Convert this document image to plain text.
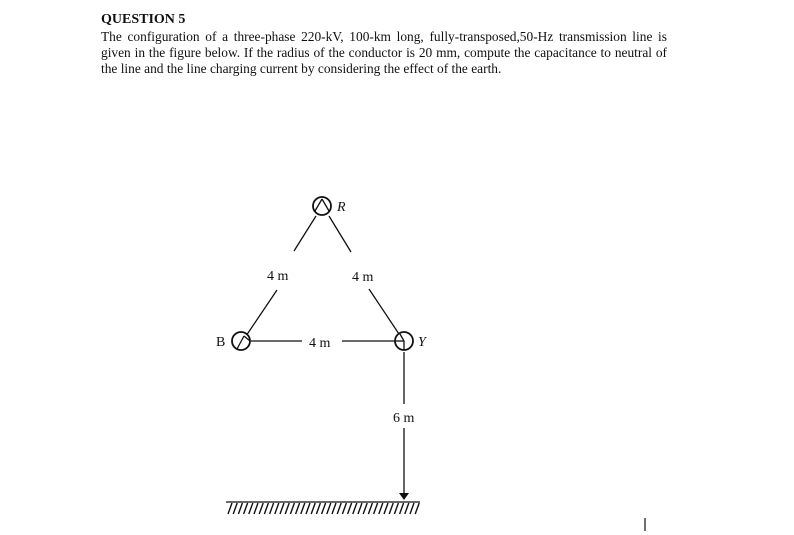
QUESTION 5

The configuration of a three-phase 220-kV, 100-km long, fully-transposed,50-Hz transmission line is given in the figure below. If the radius of the conductor is 20 mm, compute the capacitance to neutral of the line and the line charging current by considering the effect of the earth.

R
B	Y
4 m	4 m
4 m
6 m
